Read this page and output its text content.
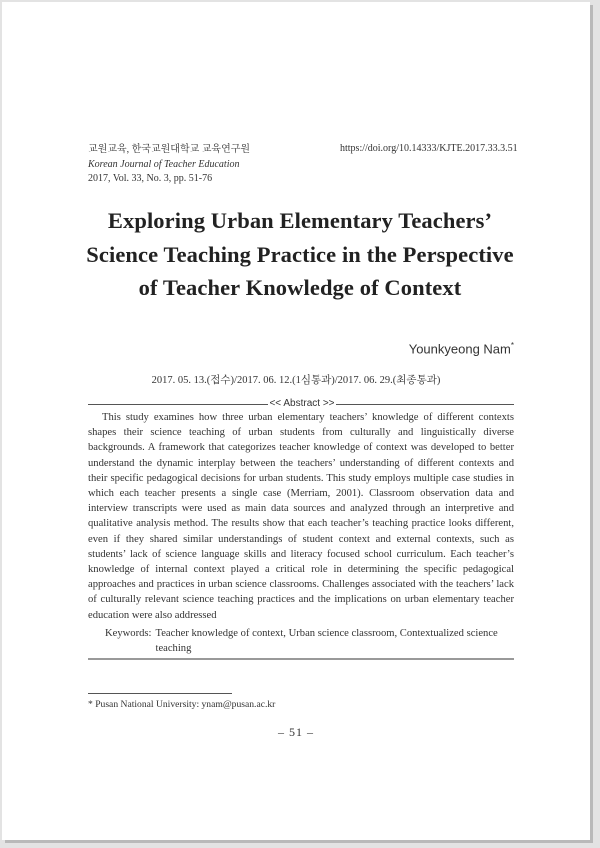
교원교육, 한국교원대학교 교육연구원
Korean Journal of Teacher Education
2017, Vol. 33, No. 3, pp. 51-76
https://doi.org/10.14333/KJTE.2017.33.3.51
Exploring Urban Elementary Teachers’
Science Teaching Practice in the Perspective
of Teacher Knowledge of Context
Younkyeong Nam*
2017. 05. 13.(접수)/2017. 06. 12.(1심통과)/2017. 06. 29.(최종통과)
<< Abstract >>
This study examines how three urban elementary teachers’ knowledge of different contexts shapes their science teaching of urban students from culturally and linguistically diverse backgrounds. A framework that categorizes teacher knowledge of context was developed to better understand the dynamic interplay between the teachers’ understanding of different contexts and their specific pedagogical decisions for urban students. This study employs multiple case studies in which each teacher presents a single case (Merriam, 2001). Classroom observation data and interview transcripts were used as main data sources and analyzed through an interpretive and qualitative analysis method. The results show that each teacher’s teaching practice looks different, even if they shared similar understandings of student context and external contexts, such as students’ lack of science language skills and literacy focused school curriculum. Each teacher’s knowledge of internal context played a critical role in determining the specific pedagogical approaches and practices in urban science classrooms. Challenges associated with the teachers’ lack of culturally relevant science teaching practices and the implications on urban elementary teacher education were also addressed
Keywords: Teacher knowledge of context, Urban science classroom, Contextualized science teaching
* Pusan National University: ynam@pusan.ac.kr
– 51 –
